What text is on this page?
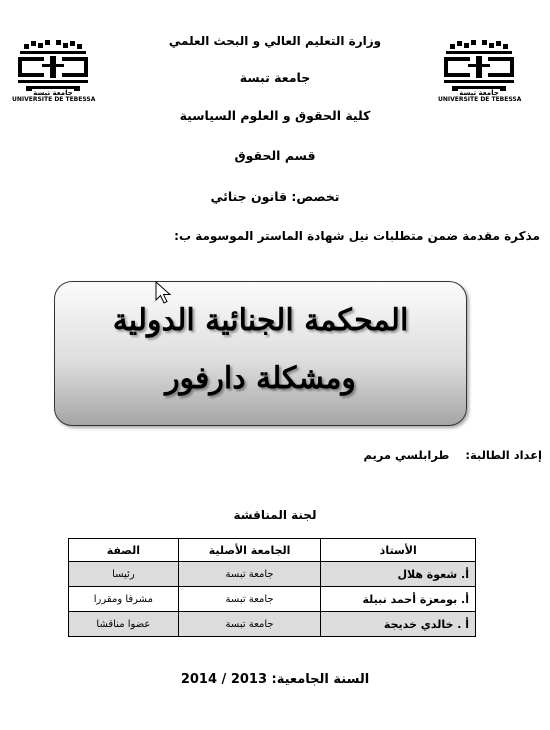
جامعة تبسة
UNIVERSITE DE TEBESSA
جامعة تبسة
UNIVERSITE DE TEBESSA
وزارة التعليم العالي و البحث العلمي
جامعة تبسة
كلية الحقوق و العلوم السياسية
قسم الحقوق
تخصص: قانون جنائي
مذكرة مقدمة ضمن متطلبات نيل شهادة الماستر الموسومة ب:
المحكمة الجنائية الدولية
ومشكلة دارفور
إعداد الطالبة:    طرابلسي مريم
لجنة المناقشة
الأستاذ	الجامعة الأصلية	الصفة
أ. شعوة هلال	جامعة تبسة	رئيسا
أ. بومعزة أحمد نبيلة	جامعة تبسة	مشرفا ومقررا
أ . خالدي خديجة	جامعة تبسة	عضوا مناقشا
السنة الجامعية: 2013 / 2014
